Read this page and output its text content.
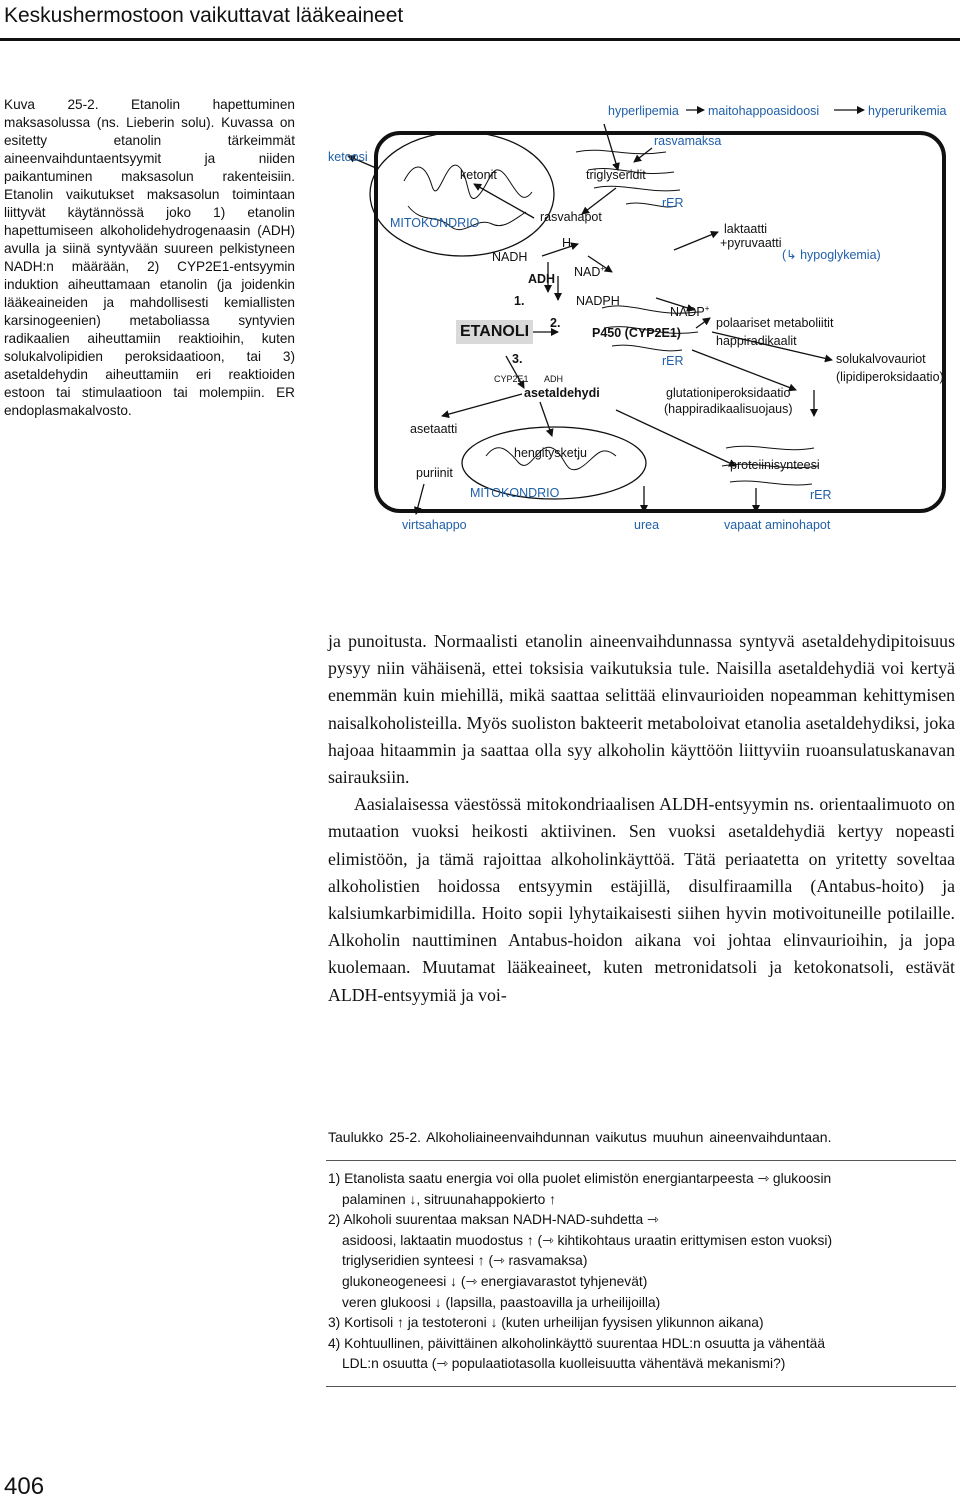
Keskushermostoon vaikuttavat lääkeaineet
Kuva 25-2. Etanolin hapettuminen maksasolussa (ns. Lieberin solu). Kuvassa on esitetty etanolin tärkeimmät aineenvaihduntaentsyymit ja niiden paikantuminen maksasolun rakenteisiin. Etanolin vaikutukset maksasolun toimintaan liittyvät käytännössä joko 1) etanolin hapettumiseen alkoholidehydrogenaasin (ADH) avulla ja siinä syntyvään suureen pelkistyneen NADH:n määrään, 2) CYP2E1-entsyymin induktion aiheuttamaan etanolin (ja joidenkin lääkeaineiden ja mahdollisesti kemiallisten karsinogeenien) metaboliassa syntyvien radikaalien aiheuttamiin reaktioihin, kuten solukalvolipidien peroksidaatioon, tai 3) asetaldehydin aiheuttamiin eri reaktioiden estoon tai stimulaatioon tai molempiin. ER endoplasmakalvosto.
hyperlipemia maitohappoasidoosi	hyperurikemia
rasvamaksa
ketoosi
ketonit	triglyseridit
rER
MITOKONDRIO	rasvahapot
laktaatti
+pyruvaatti
H
(↳ hypoglykemia)
NADH
NAD+
ADH
1.	NADPH
NADP+
polaariset metaboliitit
2.
ETANOLI	P450 (CYP2E1)
happiradikaalit
3.	rER	solukalvovauriot
(lipidiperoksidaatio)
CYP2E1 ADH
asetaldehydi	glutationiperoksidaatio
(happiradikaalisuojaus)
asetaatti
hengitysketju
proteiinisynteesi
puriinit
MITOKONDRIO	rER
virtsahappo	urea	vapaat aminohapot

ja punoitusta. Normaalisti etanolin aineenvaihdunnassa syntyvä asetaldehydipitoisuus pysyy niin vähäisenä, ettei toksisia vaikutuksia tule. Naisilla asetaldehydiä voi kertyä enemmän kuin miehillä, mikä saattaa selittää elinvaurioiden nopeamman kehittymisen naisalkoholisteilla. Myös suoliston bakteerit metaboloivat etanolia asetaldehydiksi, joka hajoaa hitaammin ja saattaa olla syy alkoholin käyttöön liittyviin ruoansulatuskanavan sairauksiin.

Aasialaisessa väestössä mitokondriaalisen ALDH-entsyymin ns. orientaalimuoto on mutaation vuoksi heikosti aktiivinen. Sen vuoksi asetaldehydiä kertyy nopeasti elimistöön, ja tämä rajoittaa alkoholinkäyttöä. Tätä periaatetta on yritetty soveltaa alkoholistien hoidossa entsyymin estäjillä, disulfiraamilla (Antabus-hoito) ja kalsiumkarbimidilla. Hoito sopii lyhytaikaisesti siihen hyvin motivoituneille potilaille. Alkoholin nauttiminen Antabus-hoidon aikana voi johtaa elinvaurioihin, ja jopa kuolemaan. Muutamat lääkeaineet, kuten metronidatsoli ja ketokonatsoli, estävät ALDH-entsyymiä ja voi-

Taulukko 25-2. Alkoholiaineenvaihdunnan vaikutus muuhun aineenvaihduntaan.
1) Etanolista saatu energia voi olla puolet elimistön energiantarpeesta ⇾ glukoosin
palaminen ↓, sitruunahappokierto ↑
2) Alkoholi suurentaa maksan NADH-NAD-suhdetta ⇾
asidoosi, laktaatin muodostus ↑ (⇾ kihtikohtaus uraatin erittymisen eston vuoksi)
triglyseridien synteesi ↑ (⇾ rasvamaksa)
glukoneogeneesi ↓ (⇾ energiavarastot tyhjenevät)
veren glukoosi ↓ (lapsilla, paastoavilla ja urheilijoilla)
3) Kortisoli ↑ ja testoteroni ↓ (kuten urheilijan fyysisen ylikunnon aikana)
4) Kohtuullinen, päivittäinen alkoholinkäyttö suurentaa HDL:n osuutta ja vähentää
LDL:n osuutta (⇾ populaatiotasolla kuolleisuutta vähentävä mekanismi?)
406
